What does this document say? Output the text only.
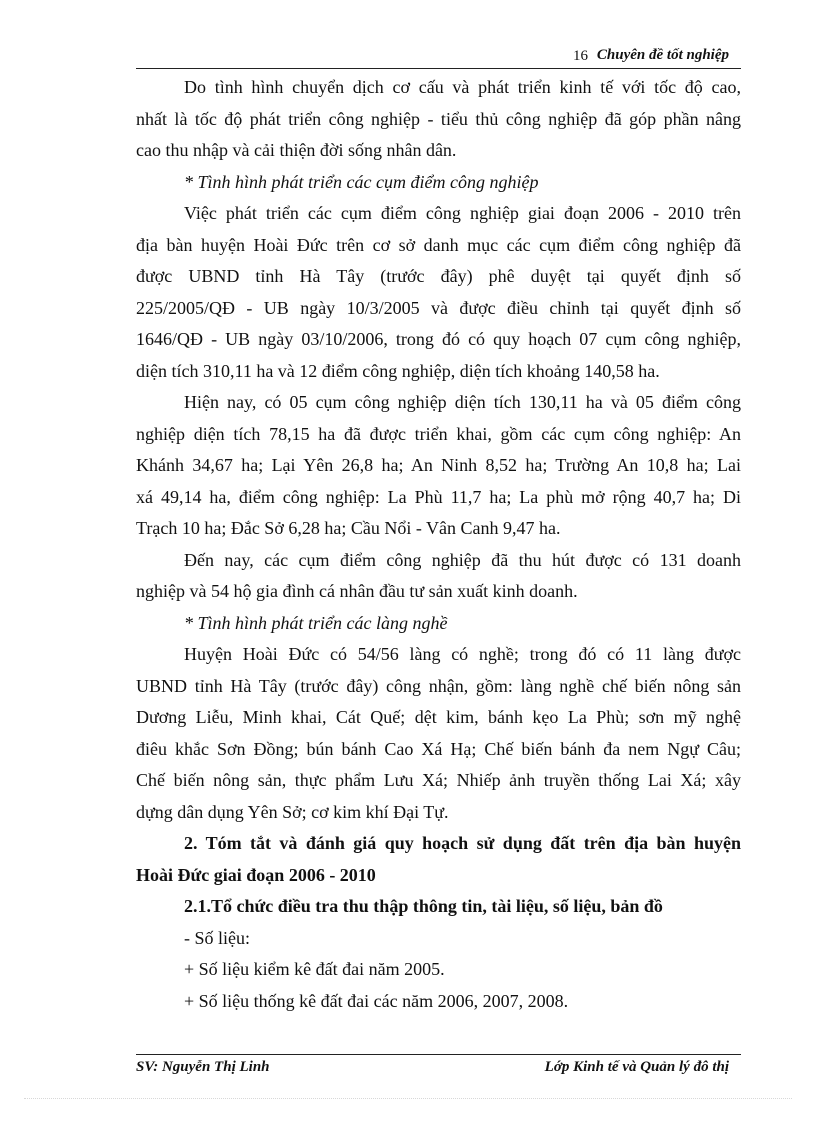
16 Chuyên đề tốt nghiệp
Do tình hình chuyển dịch cơ cấu và phát triển kinh tế với tốc độ cao,
nhất là tốc độ phát triển công nghiệp - tiểu thủ công nghiệp đã góp phần nâng
cao thu nhập và cải thiện đời sống nhân dân.
* Tình hình phát triển các cụm điểm công nghiệp
Việc phát triển các cụm điểm công nghiệp giai đoạn 2006 - 2010 trên
địa bàn huyện Hoài Đức trên cơ sở danh mục các cụm điểm công nghiệp đã
được UBND tỉnh Hà Tây (trước đây) phê duyệt tại quyết định số
225/2005/QĐ - UB ngày 10/3/2005 và được điều chỉnh tại quyết định số
1646/QĐ - UB ngày 03/10/2006, trong đó có quy hoạch 07 cụm công nghiệp,
diện tích 310,11 ha và 12 điểm công nghiệp, diện tích khoảng 140,58 ha.
Hiện nay, có 05 cụm công nghiệp diện tích 130,11 ha và 05 điểm công
nghiệp diện tích 78,15 ha đã được triển khai, gồm các cụm công nghiệp: An
Khánh 34,67 ha; Lại Yên 26,8 ha; An Ninh 8,52 ha; Trường An 10,8 ha; Lai
xá 49,14 ha, điểm công nghiệp: La Phù 11,7 ha; La phù mở rộng 40,7 ha; Di
Trạch 10 ha; Đắc Sở 6,28 ha; Cầu Nổi - Vân Canh 9,47 ha.
Đến nay, các cụm điểm công nghiệp đã thu hút được có 131 doanh
nghiệp và 54 hộ gia đình cá nhân đầu tư sản xuất kinh doanh.
* Tình hình phát triển các làng nghề
Huyện Hoài Đức có 54/56 làng có nghề; trong đó có 11 làng được
UBND tỉnh Hà Tây (trước đây) công nhận, gồm: làng nghề chế biến nông sản
Dương Liễu, Minh khai, Cát Quế; dệt kim, bánh kẹo La Phù; sơn mỹ nghệ
điêu khắc Sơn Đồng; bún bánh Cao Xá Hạ; Chế biến bánh đa nem Ngự Câu;
Chế biến nông sản, thực phẩm Lưu Xá; Nhiếp ảnh truyền thống Lai Xá; xây
dựng dân dụng Yên Sở; cơ kim khí Đại Tự.
2. Tóm tắt và đánh giá quy hoạch sử dụng đất trên địa bàn huyện
Hoài Đức giai đoạn 2006 - 2010
2.1.Tổ chức điều tra thu thập thông tin, tài liệu, số liệu, bản đồ
- Số liệu:
+ Số liệu kiểm kê đất đai năm 2005.
+ Số liệu thống kê đất đai các năm 2006, 2007, 2008.
SV: Nguyễn Thị Linh	Lớp Kinh tế và Quản lý đô thị
